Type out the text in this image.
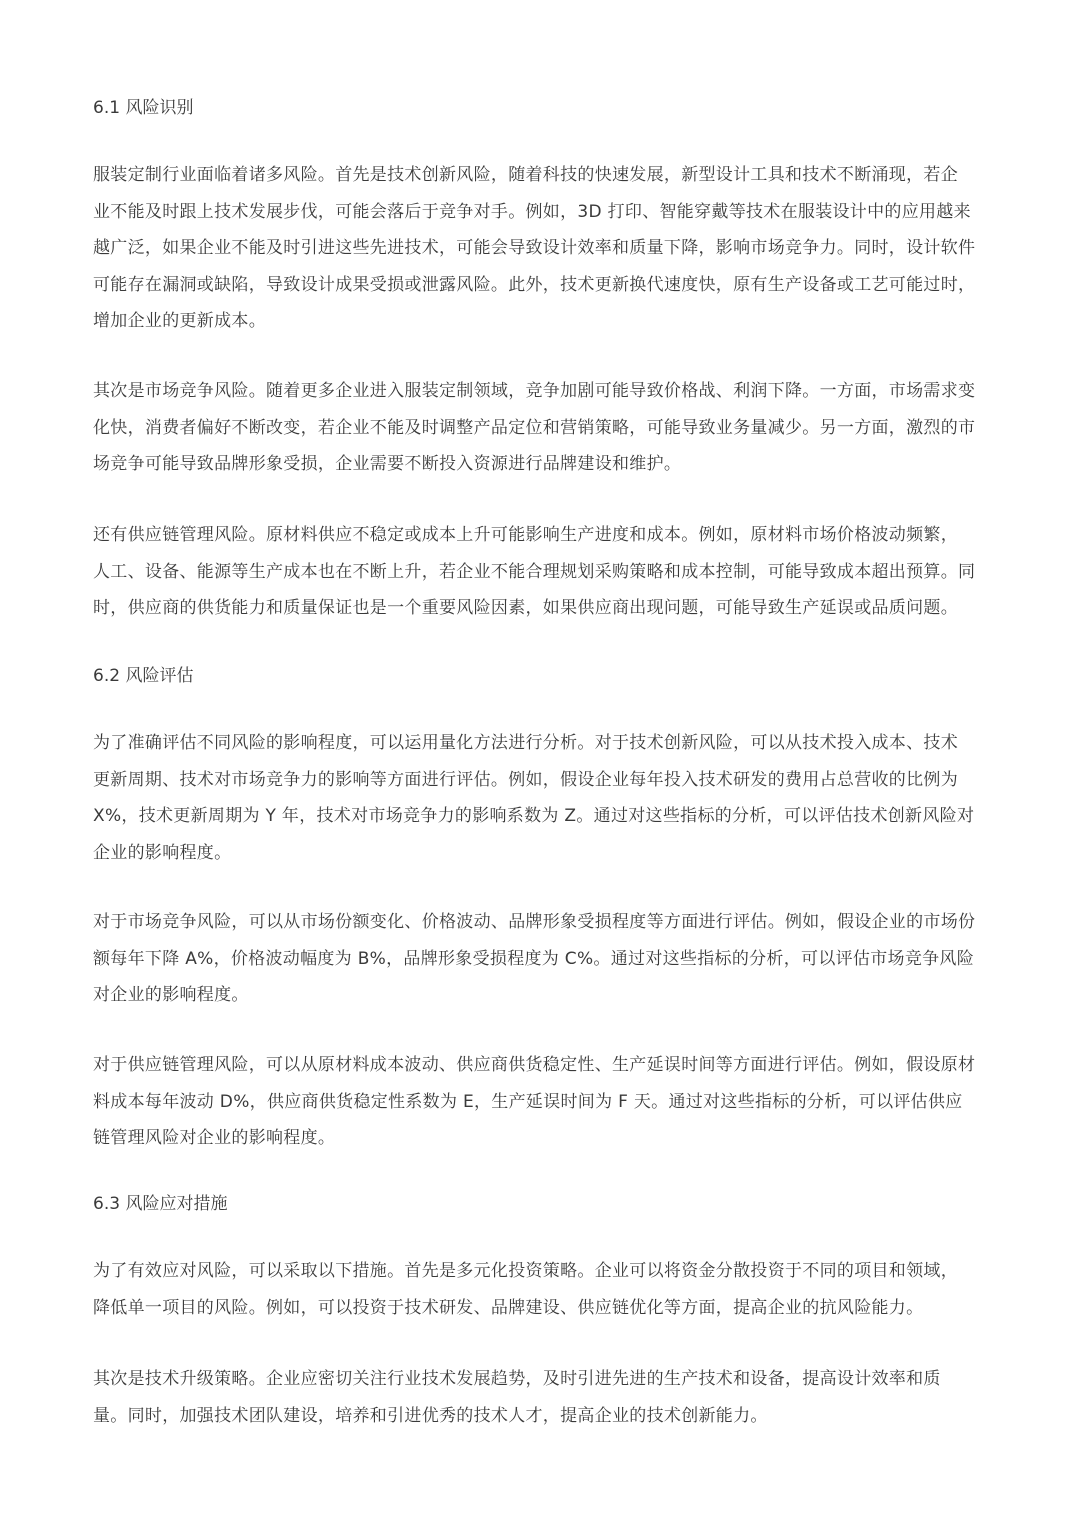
6.1 风险识别

服装定制行业面临着诸多风险。首先是技术创新风险，随着科技的快速发展，新型设计工具和技术不断涌现，若企
业不能及时跟上技术发展步伐，可能会落后于竞争对手。例如，3D 打印、智能穿戴等技术在服装设计中的应用越来
越广泛，如果企业不能及时引进这些先进技术，可能会导致设计效率和质量下降，影响市场竞争力。同时，设计软件
可能存在漏洞或缺陷，导致设计成果受损或泄露风险。此外，技术更新换代速度快，原有生产设备或工艺可能过时，
增加企业的更新成本。

其次是市场竞争风险。随着更多企业进入服装定制领域，竞争加剧可能导致价格战、利润下降。一方面，市场需求变
化快，消费者偏好不断改变，若企业不能及时调整产品定位和营销策略，可能导致业务量减少。另一方面，激烈的市
场竞争可能导致品牌形象受损，企业需要不断投入资源进行品牌建设和维护。

还有供应链管理风险。原材料供应不稳定或成本上升可能影响生产进度和成本。例如，原材料市场价格波动频繁，
人工、设备、能源等生产成本也在不断上升，若企业不能合理规划采购策略和成本控制，可能导致成本超出预算。同
时，供应商的供货能力和质量保证也是一个重要风险因素，如果供应商出现问题，可能导致生产延误或品质问题。

6.2 风险评估

为了准确评估不同风险的影响程度，可以运用量化方法进行分析。对于技术创新风险，可以从技术投入成本、技术
更新周期、技术对市场竞争力的影响等方面进行评估。例如，假设企业每年投入技术研发的费用占总营收的比例为
X%，技术更新周期为 Y 年，技术对市场竞争力的影响系数为 Z。通过对这些指标的分析，可以评估技术创新风险对
企业的影响程度。

对于市场竞争风险，可以从市场份额变化、价格波动、品牌形象受损程度等方面进行评估。例如，假设企业的市场份
额每年下降 A%，价格波动幅度为 B%，品牌形象受损程度为 C%。通过对这些指标的分析，可以评估市场竞争风险
对企业的影响程度。

对于供应链管理风险，可以从原材料成本波动、供应商供货稳定性、生产延误时间等方面进行评估。例如，假设原材
料成本每年波动 D%，供应商供货稳定性系数为 E，生产延误时间为 F 天。通过对这些指标的分析，可以评估供应
链管理风险对企业的影响程度。

6.3 风险应对措施

为了有效应对风险，可以采取以下措施。首先是多元化投资策略。企业可以将资金分散投资于不同的项目和领域，
降低单一项目的风险。例如，可以投资于技术研发、品牌建设、供应链优化等方面，提高企业的抗风险能力。

其次是技术升级策略。企业应密切关注行业技术发展趋势，及时引进先进的生产技术和设备，提高设计效率和质
量。同时，加强技术团队建设，培养和引进优秀的技术人才，提高企业的技术创新能力。
